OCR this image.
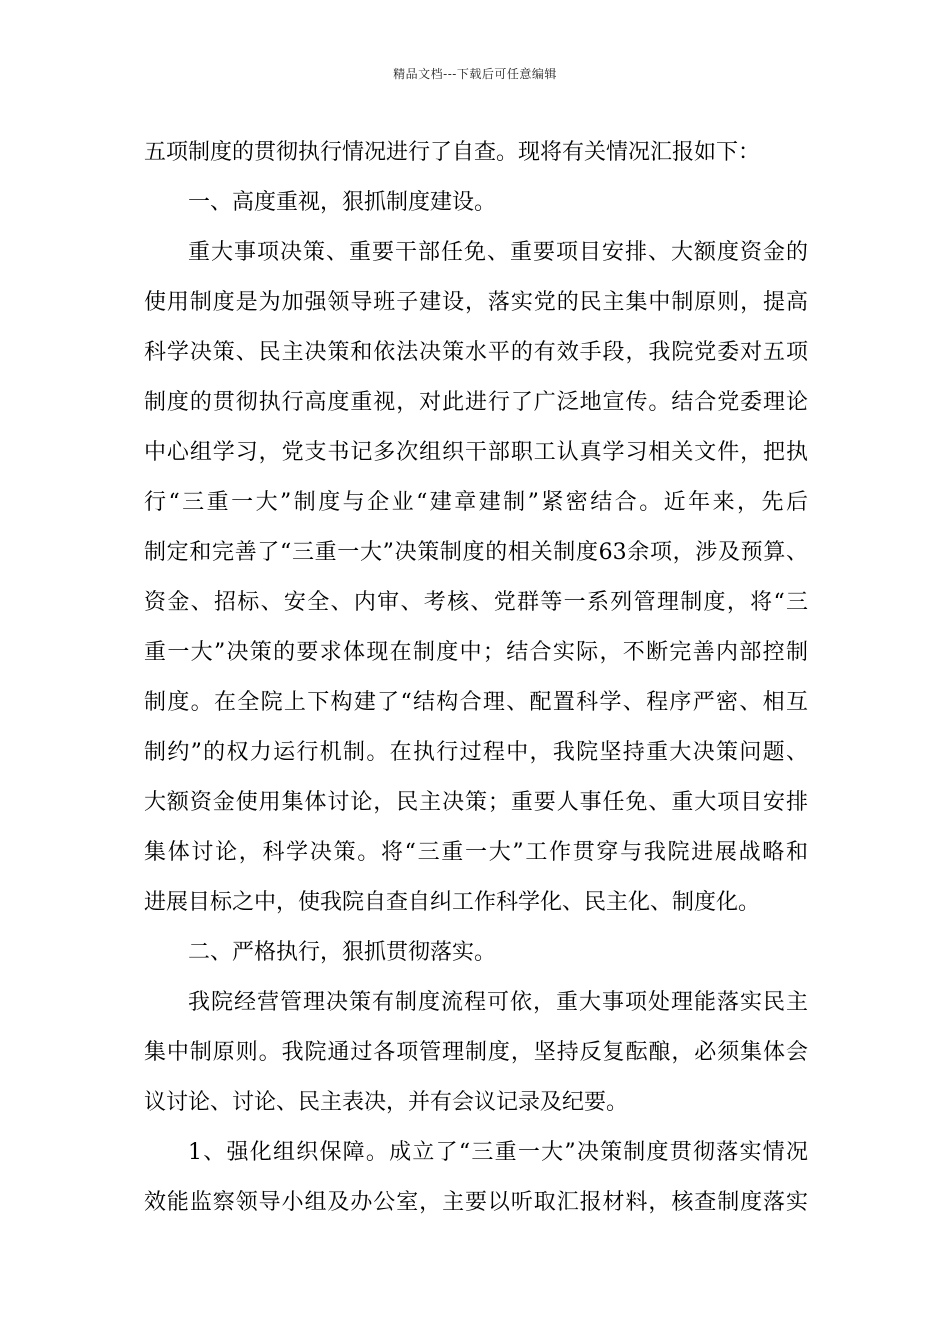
精品文档---下载后可任意编辑
五项制度的贯彻执行情况进行了自查。现将有关情况汇报如下：
一、高度重视，狠抓制度建设。
重大事项决策、重要干部任免、重要项目安排、大额度资金的
使用制度是为加强领导班子建设，落实党的民主集中制原则，提高
科学决策、民主决策和依法决策水平的有效手段，我院党委对五项
制度的贯彻执行高度重视，对此进行了广泛地宣传。结合党委理论
中心组学习，党支书记多次组织干部职工认真学习相关文件，把执
行“三重一大”制度与企业“建章建制”紧密结合。近年来，先后
制定和完善了“三重一大”决策制度的相关制度63余项，涉及预算、
资金、招标、安全、内审、考核、党群等一系列管理制度，将“三
重一大”决策的要求体现在制度中；结合实际，不断完善内部控制
制度。在全院上下构建了“结构合理、配置科学、程序严密、相互
制约”的权力运行机制。在执行过程中，我院坚持重大决策问题、
大额资金使用集体讨论，民主决策；重要人事任免、重大项目安排
集体讨论，科学决策。将“三重一大”工作贯穿与我院进展战略和
进展目标之中，使我院自查自纠工作科学化、民主化、制度化。
二、严格执行，狠抓贯彻落实。
我院经营管理决策有制度流程可依，重大事项处理能落实民主
集中制原则。我院通过各项管理制度，坚持反复酝酿，必须集体会
议讨论、讨论、民主表决，并有会议记录及纪要。
1、强化组织保障。成立了“三重一大”决策制度贯彻落实情况
效能监察领导小组及办公室，主要以听取汇报材料，核查制度落实
